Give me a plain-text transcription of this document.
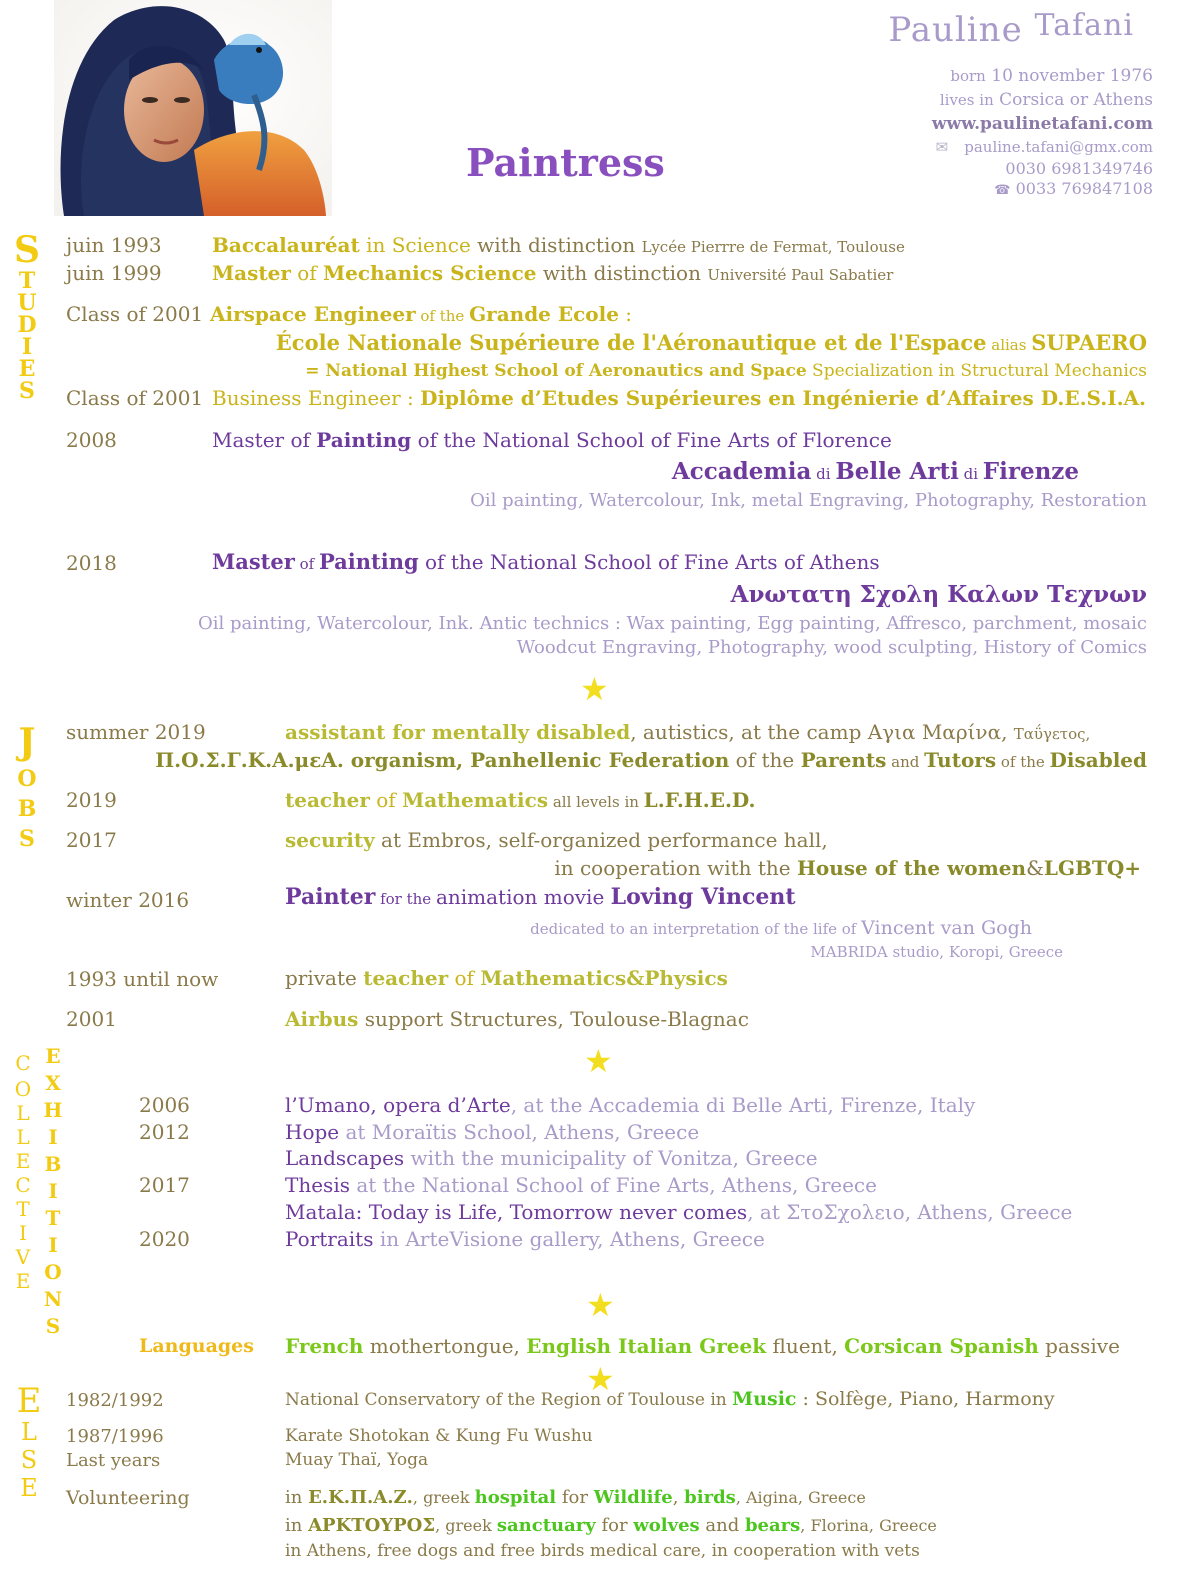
Pauline Tafani
born 10 november 1976
lives in Corsica or Athens
www.paulinetafani.com
✉ pauline.tafani@gmx.com
0030 6981349746
☎ 0033 769847108
Paintress
S
T
U
D
I
E
S
J
O
B
S
C
O
L
L
E
C
T
I
V
E
E
X
H
I
B
I
T
I
O
N
S
E
L
S
E
juin 1993	Baccalauréat in Science with distinction Lycée Pierrre de Fermat, Toulouse
juin 1999	Master of Mechanics Science with distinction Université Paul Sabatier
Class of 2001 Airspace Engineer of the Grande Ecole :
École Nationale Supérieure de l'Aéronautique et de l'Espace alias SUPAERO
= National Highest School of Aeronautics and Space Specialization in Structural Mechanics
Class of 2001 Business Engineer : Diplôme d’Etudes Supérieures en Ingénierie d’Affaires D.E.S.I.A.
2008	Master of Painting of the National School of Fine Arts of Florence
Accademia di Belle Arti di Firenze
Oil painting, Watercolour, Ink, metal Engraving, Photography, Restoration
2018	Master of Painting of the National School of Fine Arts of Athens
Ανωτατη Σχολη Καλων Τεχνων
Oil painting, Watercolour, Ink. Antic technics : Wax painting, Egg painting, Affresco, parchment, mosaic
Woodcut Engraving, Photography, wood sculpting, History of Comics
★
summer 2019	assistant for mentally disabled, autistics, at the camp Αγια Μαρίνα, Ταΰγετος,
Π.Ο.Σ.Γ.Κ.Α.μεΑ. organism, Panhellenic Federation of the Parents and Tutors of the Disabled
2019	teacher of Mathematics all levels in L.F.H.E.D.
2017	security at Embros, self-organized performance hall,
in cooperation with the House of the women&LGBTQ+
winter 2016	Painter for the animation movie Loving Vincent
dedicated to an interpretation of the life of Vincent van Gogh
MABRIDA studio, Koropi, Greece
1993 until now	private teacher of Mathematics&Physics
2001	Airbus support Structures, Toulouse-Blagnac
★
2006	l’Umano, opera d’Arte, at the Accademia di Belle Arti, Firenze, Italy
2012	Hope at Moraïtis School, Athens, Greece
Landscapes with the municipality of Vonitza, Greece
2017	Thesis at the National School of Fine Arts, Athens, Greece
Matala: Today is Life, Tomorrow never comes, at ΣτοΣχολειο, Athens, Greece
2020	Portraits in ArteVisione gallery, Athens, Greece
★
Languages French mothertongue, English Italian Greek fluent, Corsican Spanish passive
★
1982/1992	National Conservatory of the Region of Toulouse in Music : Solfège, Piano, Harmony
1987/1996	Karate Shotokan & Kung Fu Wushu
Last years	Muay Thaï, Yoga
Volunteering	in Ε.Κ.Π.Α.Ζ., greek hospital for Wildlife, birds, Aigina, Greece
in ΑΡΚΤΟΥΡΟΣ, greek sanctuary for wolves and bears, Florina, Greece
in Athens, free dogs and free birds medical care, in cooperation with vets
